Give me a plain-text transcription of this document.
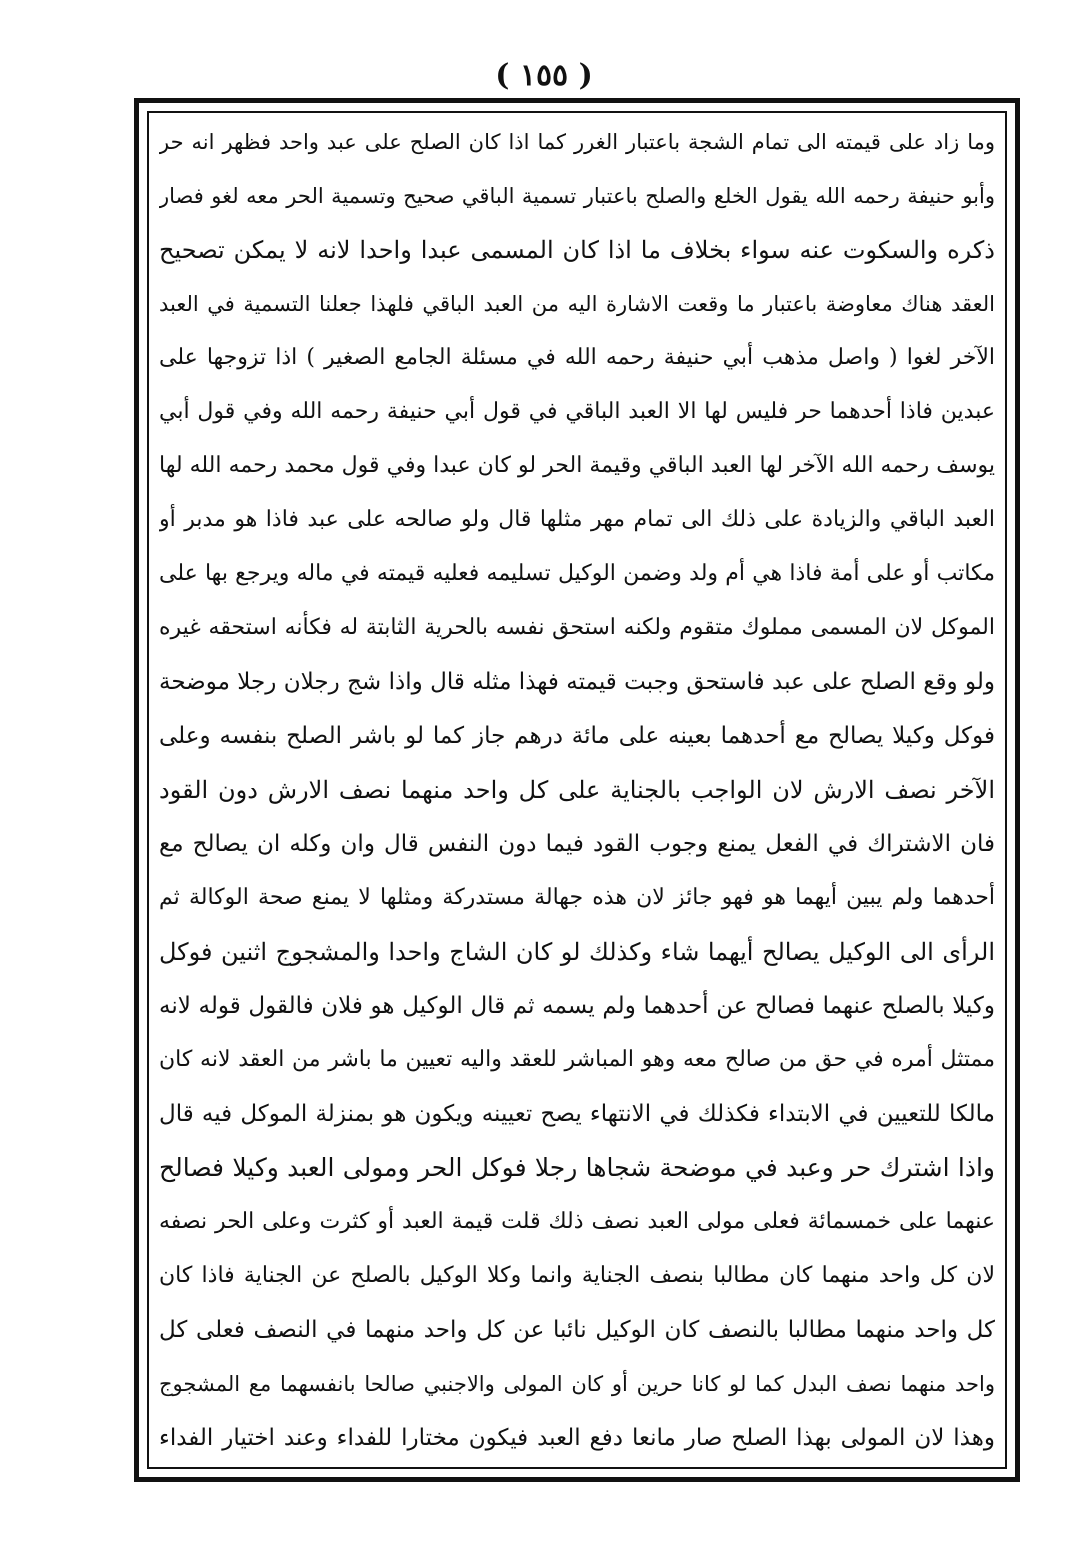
( ١٥٥ )
وما زاد على قيمته الى تمام الشجة باعتبار الغرر كما اذا كان الصلح على عبد واحد فظهر انه حر
وأبو حنيفة رحمه الله يقول الخلع والصلح باعتبار تسمية الباقي صحيح وتسمية الحر معه لغو فصار
ذكره والسكوت عنه سواء بخلاف ما اذا كان المسمى عبدا واحدا لانه لا يمكن تصحيح
العقد هناك معاوضة باعتبار ما وقعت الاشارة اليه من العبد الباقي فلهذا جعلنا التسمية في العبد
الآخر لغوا ( واصل مذهب أبي حنيفة رحمه الله في مسئلة الجامع الصغير ) اذا تزوجها على
عبدين فاذا أحدهما حر فليس لها الا العبد الباقي في قول أبي حنيفة رحمه الله وفي قول أبي
يوسف رحمه الله الآخر لها العبد الباقي وقيمة الحر لو كان عبدا وفي قول محمد رحمه الله لها
العبد الباقي والزيادة على ذلك الى تمام مهر مثلها قال ولو صالحه على عبد فاذا هو مدبر أو
مكاتب أو على أمة فاذا هي أم ولد وضمن الوكيل تسليمه فعليه قيمته في ماله ويرجع بها على
الموكل لان المسمى مملوك متقوم ولكنه استحق نفسه بالحرية الثابتة له فكأنه استحقه غيره
ولو وقع الصلح على عبد فاستحق وجبت قيمته فهذا مثله قال واذا شج رجلان رجلا موضحة
فوكل وكيلا يصالح مع أحدهما بعينه على مائة درهم جاز كما لو باشر الصلح بنفسه وعلى
الآخر نصف الارش لان الواجب بالجناية على كل واحد منهما نصف الارش دون القود
فان الاشتراك في الفعل يمنع وجوب القود فيما دون النفس قال وان وكله ان يصالح مع
أحدهما ولم يبين أيهما هو فهو جائز لان هذه جهالة مستدركة ومثلها لا يمنع صحة الوكالة ثم
الرأى الى الوكيل يصالح أيهما شاء وكذلك لو كان الشاج واحدا والمشجوج اثنين فوكل
وكيلا بالصلح عنهما فصالح عن أحدهما ولم يسمه ثم قال الوكيل هو فلان فالقول قوله لانه
ممتثل أمره في حق من صالح معه وهو المباشر للعقد واليه تعيين ما باشر من العقد لانه كان
مالكا للتعيين في الابتداء فكذلك في الانتهاء يصح تعيينه ويكون هو بمنزلة الموكل فيه قال
واذا اشترك حر وعبد في موضحة شجاها رجلا فوكل الحر ومولى العبد وكيلا فصالح
عنهما على خمسمائة فعلى مولى العبد نصف ذلك قلت قيمة العبد أو كثرت وعلى الحر نصفه
لان كل واحد منهما كان مطالبا بنصف الجناية وانما وكلا الوكيل بالصلح عن الجناية فاذا كان
كل واحد منهما مطالبا بالنصف كان الوكيل نائبا عن كل واحد منهما في النصف فعلى كل
واحد منهما نصف البدل كما لو كانا حرين أو كان المولى والاجنبي صالحا بانفسهما مع المشجوج
وهذا لان المولى بهذا الصلح صار مانعا دفع العبد فيكون مختارا للفداء وعند اختيار الفداء
